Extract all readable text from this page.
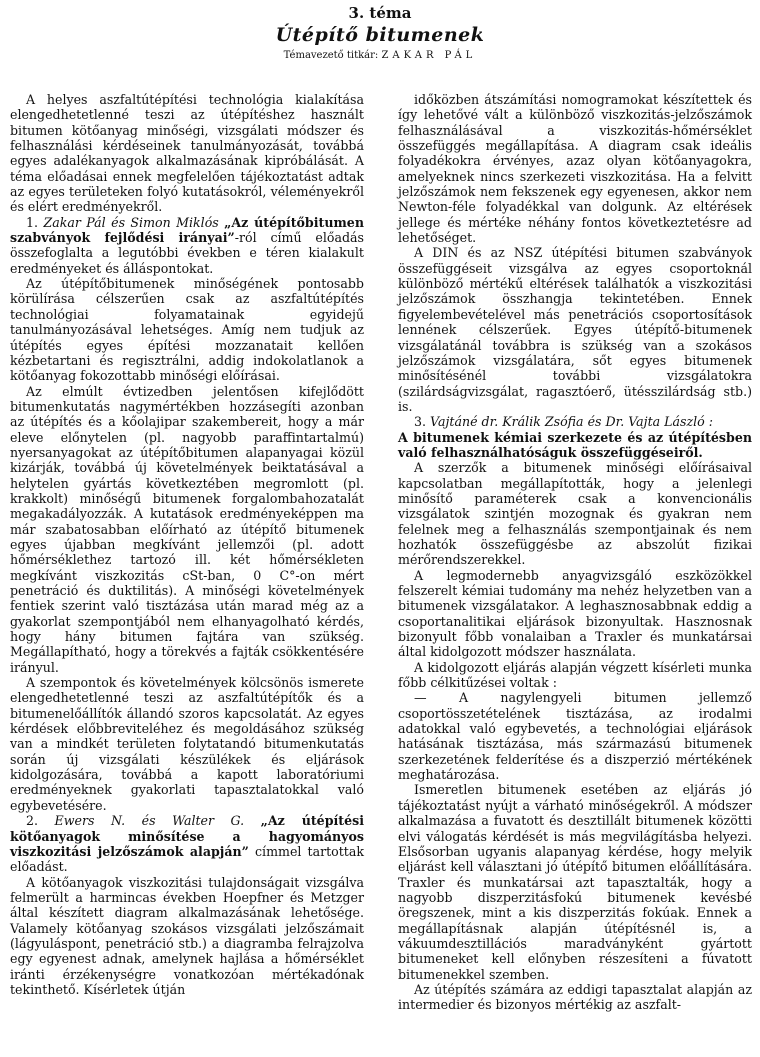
3. téma
Útépítő bitumenek
Témavezető titkár: ZAKAR PÁL

A helyes aszfaltútépítési technológia kialakítása elengedhetetlenné teszi az útépítéshez használt bitumen kötőanyag minőségi, vizsgálati módszer és felhasználási kérdéseinek tanulmányozását, továbbá egyes adalékanyagok alkalmazásának kipróbálását. A téma előadásai ennek megfelelően tájékoztatást adtak az egyes területeken folyó kutatásokról, véleményekről és elért eredményekről.

1. Zakar Pál és Simon Miklós „Az útépítőbitumen szabványok fejlődési irányai”-ról című előadás összefoglalta a legutóbbi években e téren kialakult eredményeket és álláspontokat.

Az útépítőbitumenek minőségének pontosabb körülírása célszerűen csak az aszfaltútépítés technológiai folyamatainak egyidejű tanulmányozásával lehetséges. Amíg nem tudjuk az útépítés egyes építési mozzanatait kellően kézbetartani és regisztrálni, addig indokolatlanok a kötőanyag fokozottabb minőségi előírásai.

Az elmúlt évtizedben jelentősen kifejlődött bitumenkutatás nagymértékben hozzásegíti azonban az útépítés és a kőolajipar szakembereit, hogy a már eleve előnytelen (pl. nagyobb paraffintartalmú) nyersanyagokat az útépítőbitumen alapanyagai közül kizárják, továbbá új követelmények beiktatásával a helytelen gyártás következtében megromlott (pl. krakkolt) minőségű bitumenek forgalombahozatalát megakadályozzák. A kutatások eredményeképpen ma már szabatosabban előírható az útépítő bitumenek egyes újabban megkívánt jellemzői (pl. adott hőmérséklethez tartozó ill. két hőmérsékleten megkívánt viszkozitás cSt-ban, 0 C°-on mért penetráció és duktilitás). A minőségi követelmények fentiek szerint való tisztázása után marad még az a gyakorlat szempontjából nem elhanyagolható kérdés, hogy hány bitumen fajtára van szükség. Megállapítható, hogy a törekvés a fajták csökkentésére irányul.

A szempontok és követelmények kölcsönös ismerete elengedhetetlenné teszi az aszfaltútépítők és a bitumenelőállítók állandó szoros kapcsolatát. Az egyes kérdések előbbreviteléhez és megoldásához szükség van a mindkét területen folytatandó bitumenkutatás során új vizsgálati készülékek és eljárások kidolgozására, továbbá a kapott laboratóriumi eredményeknek gyakorlati tapasztalatokkal való egybevetésére.

2. Ewers N. és Walter G. „Az útépítési kötőanyagok minősítése a hagyományos viszkozitási jelzőszámok alapján” címmel tartottak előadást.

A kötőanyagok viszkozitási tulajdonságait vizsgálva felmerült a harmincas években Hoepfner és Metzger által készített diagram alkalmazásának lehetősége. Valamely kötőanyag szokásos vizsgálati jelzőszámait (lágyuláspont, penetráció stb.) a diagramba felrajzolva egy egyenest adnak, amelynek hajlása a hőmérséklet iránti érzékenységre vonatkozóan mértékadónak tekinthető. Kísérletek útján

időközben átszámítási nomogramokat készítettek és így lehetővé vált a különböző viszkozitás-jelzőszámok felhasználásával a viszkozitás-hőmérséklet összefüggés megállapítása. A diagram csak ideális folyadékokra érvényes, azaz olyan kötőanyagokra, amelyeknek nincs szerkezeti viszkozitása. Ha a felvitt jelzőszámok nem fekszenek egy egyenesen, akkor nem Newton-féle folyadékkal van dolgunk. Az eltérések jellege és mértéke néhány fontos következtetésre ad lehetőséget.

A DIN és az NSZ útépítési bitumen szabványok összefüggéseit vizsgálva az egyes csoportoknál különböző mértékű eltérések találhatók a viszkozitási jelzőszámok összhangja tekintetében. Ennek figyelembevételével más penetrációs csoportosítások lennének célszerűek. Egyes útépítő-bitumenek vizsgálatánál továbbra is szükség van a szokásos jelzőszámok vizsgálatára, sőt egyes bitumenek minősítésénél további vizsgálatokra (szilárdságvizsgálat, ragasztóerő, ütésszilárdság stb.) is.

3. Vajtáné dr. Králik Zsófia és Dr. Vajta László :
A bitumenek kémiai szerkezete és az útépítésben való felhasználhatóságuk összefüggéseiről.

A szerzők a bitumenek minőségi előírásaival kapcsolatban megállapították, hogy a jelenlegi minősítő paraméterek csak a konvencionális vizsgálatok szintjén mozognak és gyakran nem felelnek meg a felhasználás szempontjainak és nem hozhatók összefüggésbe az abszolút fizikai mérőrendszerekkel.

A legmodernebb anyagvizsgáló eszközökkel felszerelt kémiai tudomány ma nehéz helyzetben van a bitumenek vizsgálatakor. A leghasznosabbnak eddig a csoportanalitikai eljárások bizonyultak. Hasznosnak bizonyult főbb vonalaiban a Traxler és munkatársai által kidolgozott módszer használata.

A kidolgozott eljárás alapján végzett kísérleti munka főbb célkitűzései voltak :

— A nagylengyeli bitumen jellemző csoportösszetételének tisztázása, az irodalmi adatokkal való egybevetés, a technológiai eljárások hatásának tisztázása, más származású bitumenek szerkezetének felderítése és a diszperzió mértékének meghatározása.

Ismeretlen bitumenek esetében az eljárás jó tájékoztatást nyújt a várható minőségekről. A módszer alkalmazása a fuvatott és desztillált bitumenek közötti elvi válogatás kérdését is más megvilágításba helyezi. Elsősorban ugyanis alapanyag kérdése, hogy melyik eljárást kell választani jó útépítő bitumen előállítására. Traxler és munkatársai azt tapasztalták, hogy a nagyobb diszperzitásfokú bitumenek kevésbé öregszenek, mint a kis diszperzitás fokúak. Ennek a megállapításnak alapján útépítésnél is, a vákuumdesztillációs maradványként gyártott bitumeneket kell előnyben részesíteni a fúvatott bitumenekkel szemben.

Az útépítés számára az eddigi tapasztalat alapján az intermedier és bizonyos mértékig az aszfalt-
